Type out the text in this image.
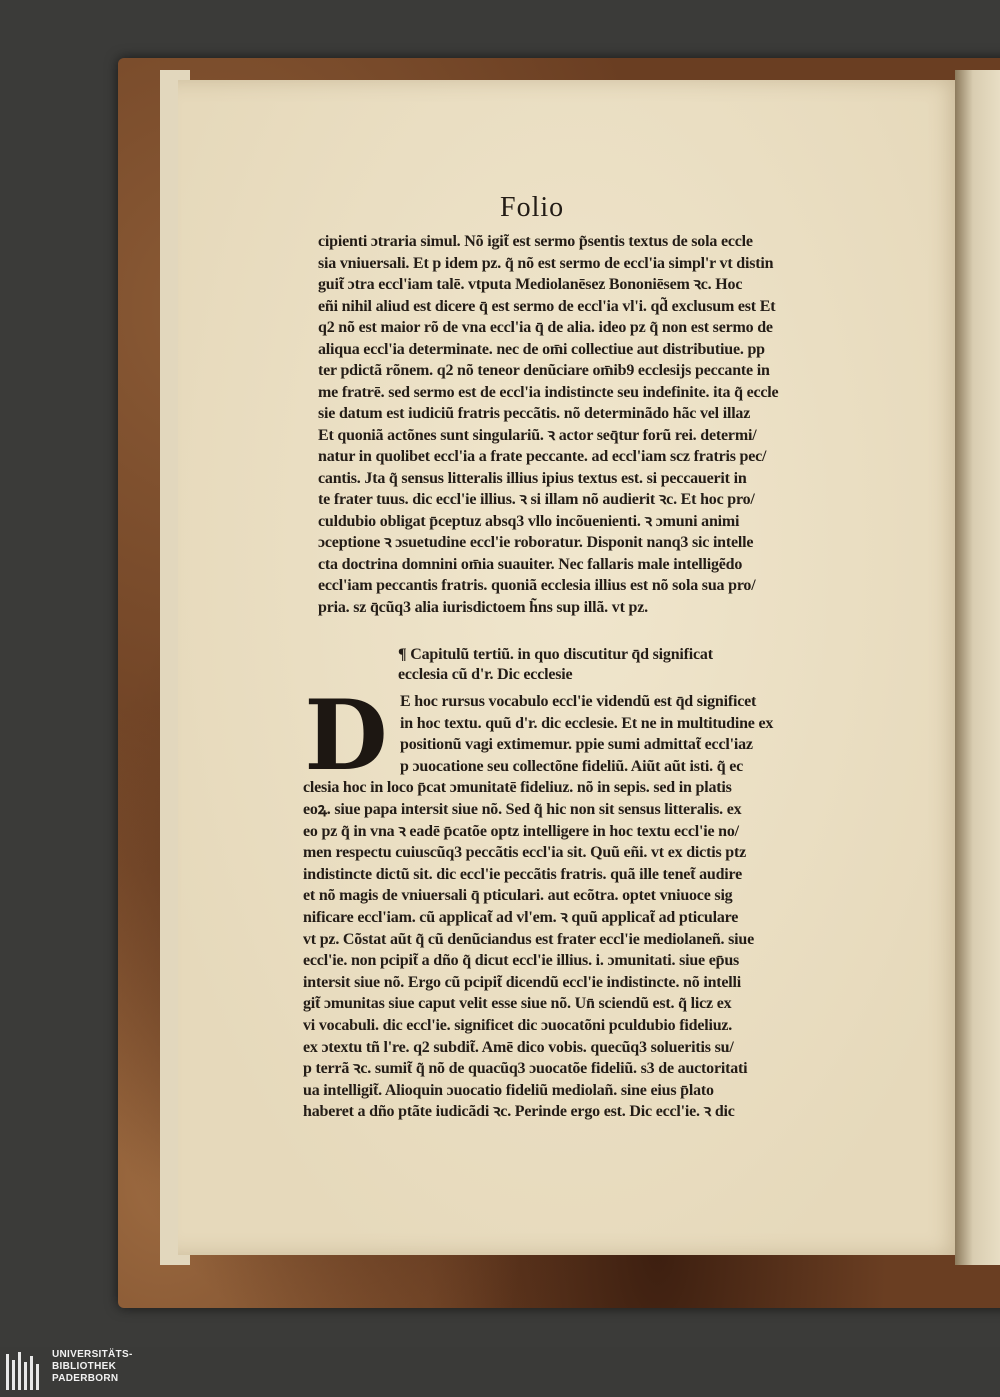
Folio
cipienti ɔtraria simul. Nõ igit̃ est sermo p̃sentis textus de sola eccle
sia vniuersali. Et p idem pz. q̃ nõ est sermo de eccl'ia simpl'r vt distin
guit̃ ɔtra eccl'iam talē. vtputa Mediolanēsez Bononiēsem ꝛc. Hoc
eñi nihil aliud est dicere q̄ est sermo de eccl'ia vl'i. qd̃ exclusum est Et
q2 nõ est maior rõ de vna eccl'ia q̄ de alia. ideo pz q̃ non est sermo de
aliqua eccl'ia determinate. nec de om̄i collectiue aut distributiue. pp
ter pdictã rõnem. q2 nõ teneor denũciare om̄ib9 ecclesijs peccante in
me fratrē. sed sermo est de eccl'ia indistincte seu indefinite. ita q̃ eccle
sie datum est iudiciũ fratris peccãtis. nõ determinãdo hãc vel illaz
Et quoniã actõnes sunt singulariũ. ꝛ actor seq̄tur forũ rei. determi/
natur in quolibet eccl'ia a frate peccante. ad eccl'iam scz fratris pec/
cantis. Jta q̃ sensus litteralis illius ipius textus est. si peccauerit in
te frater tuus. dic eccl'ie illius. ꝛ si illam nõ audierit ꝛc. Et hoc pro/
culdubio obligat p̄ceptuz absq3 vllo incõuenienti. ꝛ ɔmuni animi
ɔceptione ꝛ ɔsuetudine eccl'ie roboratur. Disponit nanq3 sic intelle
cta doctrina domnini om̄ia suauiter. Nec fallaris male intelligẽdo
eccl'iam peccantis fratris. quoniã ecclesia illius est nõ sola sua pro/
pria. sz q̄cũq3 alia iurisdictoem h̃ns sup illã. vt pz.
¶ Capitulũ tertiũ. in quo discutitur q̄d significat
ecclesia cũ d'r. Dic ecclesie
D E hoc rursus vocabulo eccl'ie videndũ est q̄d significet
in hoc textu. quũ d'r. dic ecclesie. Et ne in multitudine ex
positionũ vagi extimemur. ppie sumi admittat̃ eccl'iaz
p ɔuocatione seu collectõne fideliũ. Aiũt aũt isti. q̃ ec
clesia hoc in loco p̄cat ɔmunitatē fideliuz. nõ in sepis. sed in platis
eoꝝ. siue papa intersit siue nõ. Sed q̃ hic non sit sensus litteralis. ex
eo pz q̃ in vna ꝛ eadē p̄catõe optz intelligere in hoc textu eccl'ie no/
men respectu cuiuscũq3 peccãtis eccl'ia sit. Quũ eñi. vt ex dictis ptz
indistincte dictũ sit. dic eccl'ie peccãtis fratris. quã ille tenet̃ audire
et nõ magis de vniuersali q̄ pticulari. aut ecõtra. optet vniuoce sig
nificare eccl'iam. cũ applicat̃ ad vl'em. ꝛ quũ applicat̃ ad pticulare
vt pz. Cõstat aũt q̃ cũ denũciandus est frater eccl'ie mediolaneñ. siue
eccl'ie. non pcipit̃ a dño q̃ dicut eccl'ie illius. i. ɔmunitati. siue ep̄us
intersit siue nõ. Ergo cũ pcipit̃ dicendũ eccl'ie indistincte. nõ intelli
git̃ ɔmunitas siue caput velit esse siue nõ. Un̄ sciendũ est. q̃ licz ex
vi vocabuli. dic eccl'ie. significet dic ɔuocatõni pculdubio fideliuz.
ex ɔtextu tñ l're. q2 subdit̃. Amē dico vobis. quecũq3 solueritis su/
p terrã ꝛc. sumit̃ q̃ nõ de quacũq3 ɔuocatõe fideliũ. s3 de auctoritati
ua intelligit̃. Alioquin ɔuocatio fideliũ mediolañ. sine eius p̄lato
haberet a dño ptãte iudicãdi ꝛc. Perinde ergo est. Dic eccl'ie. ꝛ dic
UNIVERSITÄTS-
BIBLIOTHEK
PADERBORN
